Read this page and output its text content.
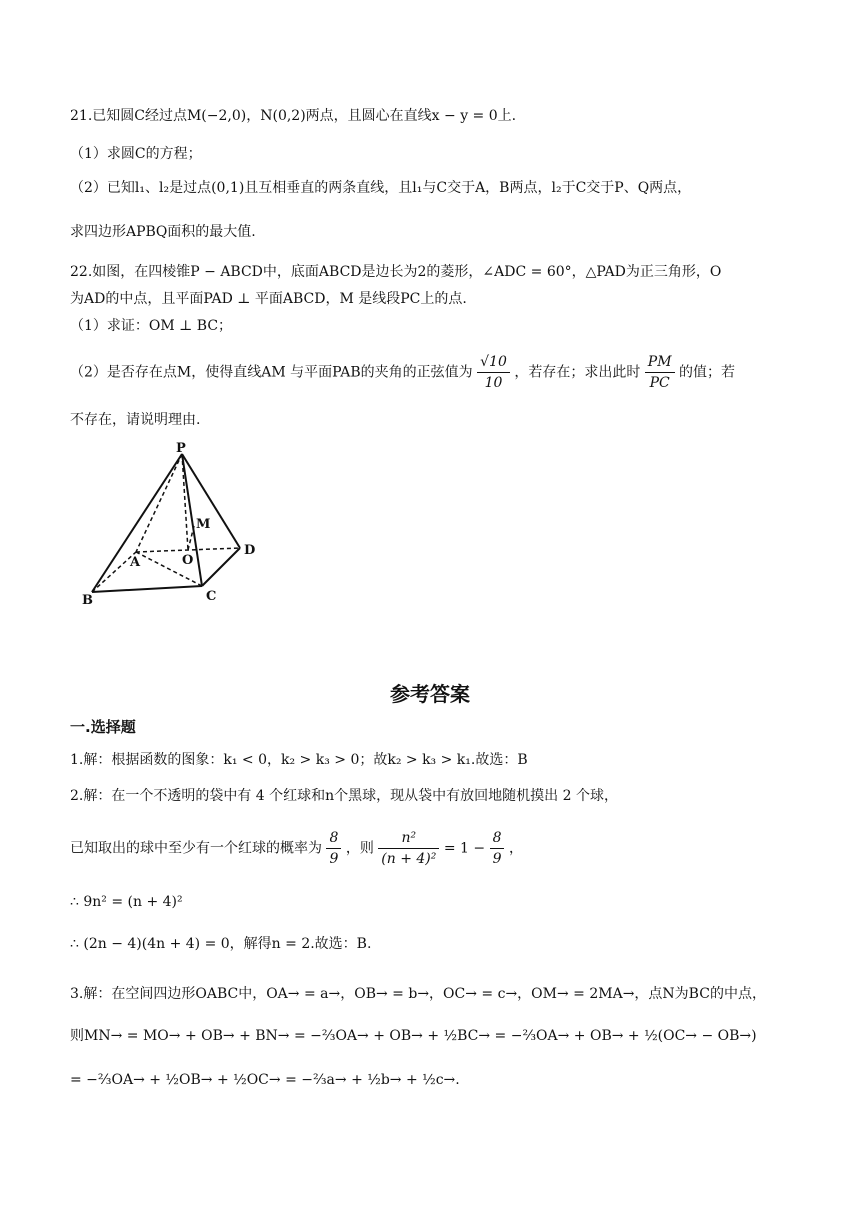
21.已知圆C经过点M(−2,0)，N(0,2)两点，且圆心在直线x − y = 0上.
（1）求圆C的方程；
（2）已知l₁、l₂是过点(0,1)且互相垂直的两条直线，且l₁与C交于A，B两点，l₂于C交于P、Q两点，
求四边形APBQ面积的最大值.
22.如图，在四棱锥P − ABCD中，底面ABCD是边长为2的菱形，∠ADC = 60°，△PAD为正三角形，O
为AD的中点，且平面PAD ⊥ 平面ABCD，M 是线段PC上的点.
（1）求证：OM ⊥ BC；
（2）是否存在点M，使得直线AM 与平面PAB的夹角的正弦值为 $\frac{√10}{10}$ ，若存在；求出此时 $\frac{PM}{PC}$ 的值；若
不存在，请说明理由.
P
M
A	O
D
B	C
参考答案
一.选择题
1.解：根据函数的图象：k₁ < 0，k₂ > k₃ > 0；故k₂ > k₃ > k₁.故选：B
2.解：在一个不透明的袋中有 4 个红球和n个黑球，现从袋中有放回地随机摸出 2 个球，
已知取出的球中至少有一个红球的概率为 $\frac{8}{9}$ ，则 $\frac{\text{n²}}{\text{(n + 4)²}} = 1 - \frac{8}{9}$ ，
∴ 9n² = (n + 4)²
∴ (2n − 4)(4n + 4) = 0，解得n = 2.故选：B.
3.解：在空间四边形OABC中，OA→ = a→，OB→ = b→，OC→ = c→，OM→ = 2MA→，点N为BC的中点，
则MN→ = MO→ + OB→ + BN→ = −⅔OA→ + OB→ + ½BC→ = −⅔OA→ + OB→ + ½(OC→ − OB→)
= −⅔OA→ + ½OB→ + ½OC→ = −⅔a→ + ½b→ + ½c→.
